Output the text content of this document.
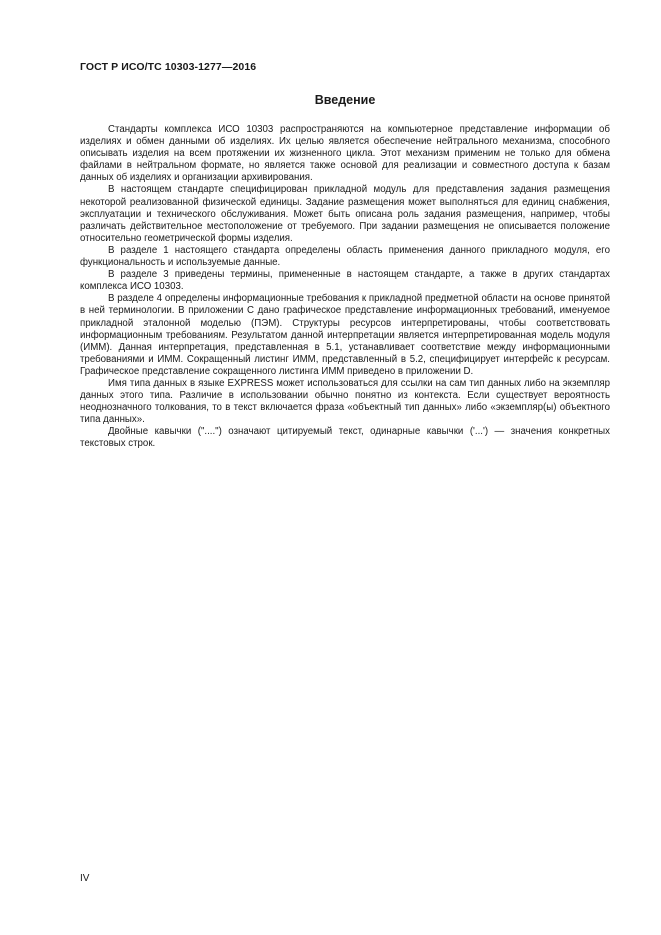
ГОСТ Р ИСО/ТС 10303-1277—2016
Введение

Стандарты комплекса ИСО 10303 распространяются на компьютерное представление информации об изделиях и обмен данными об изделиях. Их целью является обеспечение нейтрального механизма, способного описывать изделия на всем протяжении их жизненного цикла. Этот механизм применим не только для обмена файлами в нейтральном формате, но является также основой для реализации и совместного доступа к базам данных об изделиях и организации архивирования.

В настоящем стандарте специфицирован прикладной модуль для представления задания размещения некоторой реализованной физической единицы. Задание размещения может выполняться для единиц снабжения, эксплуатации и технического обслуживания. Может быть описана роль задания размещения, например, чтобы различать действительное местоположение от требуемого. При задании размещения не описывается положение относительно геометрической формы изделия.

В разделе 1 настоящего стандарта определены область применения данного прикладного модуля, его функциональность и используемые данные.

В разделе 3 приведены термины, примененные в настоящем стандарте, а также в других стандартах комплекса ИСО 10303.

В разделе 4 определены информационные требования к прикладной предметной области на основе принятой в ней терминологии. В приложении С дано графическое представление информационных требований, именуемое прикладной эталонной моделью (ПЭМ). Структуры ресурсов интерпретированы, чтобы соответствовать информационным требованиям. Результатом данной интерпретации является интерпретированная модель модуля (ИММ). Данная интерпретация, представленная в 5.1, устанавливает соответствие между информационными требованиями и ИММ. Сокращенный листинг ИММ, представленный в 5.2, специфицирует интерфейс к ресурсам. Графическое представление сокращенного листинга ИММ приведено в приложении D.

Имя типа данных в языке EXPRESS может использоваться для ссылки на сам тип данных либо на экземпляр данных этого типа. Различие в использовании обычно понятно из контекста. Если существует вероятность неоднозначного толкования, то в текст включается фраза «объектный тип данных» либо «экземпляр(ы) объектного типа данных».

Двойные кавычки ("....") означают цитируемый текст, одинарные кавычки ('...') — значения конкретных текстовых строк.

IV
